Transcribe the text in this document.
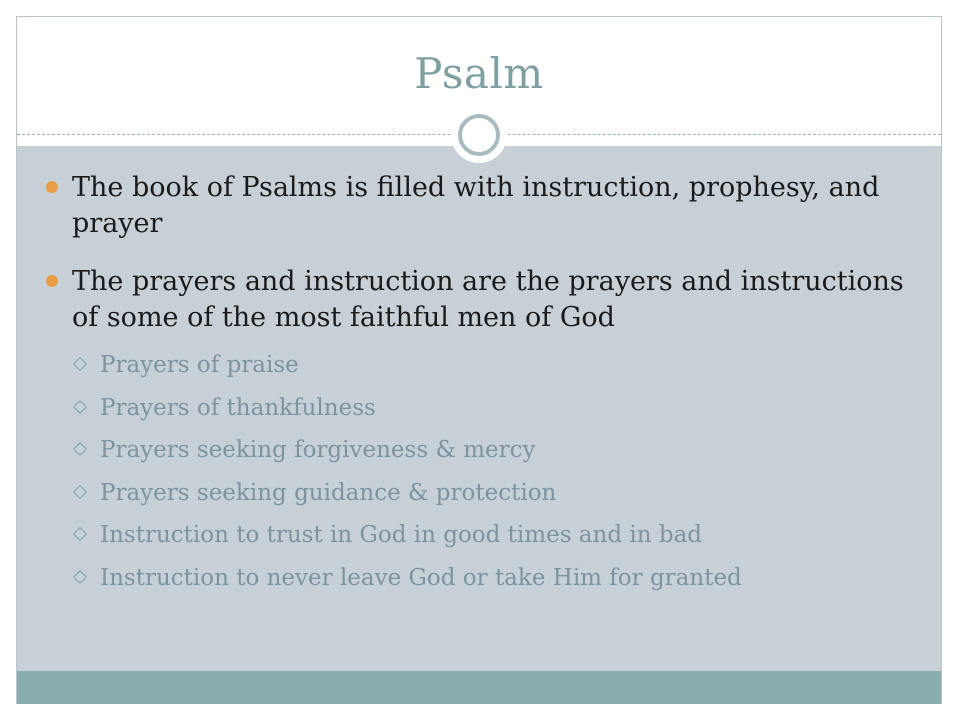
Psalm
The book of Psalms is filled with instruction, prophesy, and prayer
The prayers and instruction are the prayers and instructions of some of the most faithful men of God
Prayers of praise
Prayers of thankfulness
Prayers seeking forgiveness & mercy
Prayers seeking guidance & protection
Instruction to trust in God in good times and in bad
Instruction to never leave God or take Him for granted
